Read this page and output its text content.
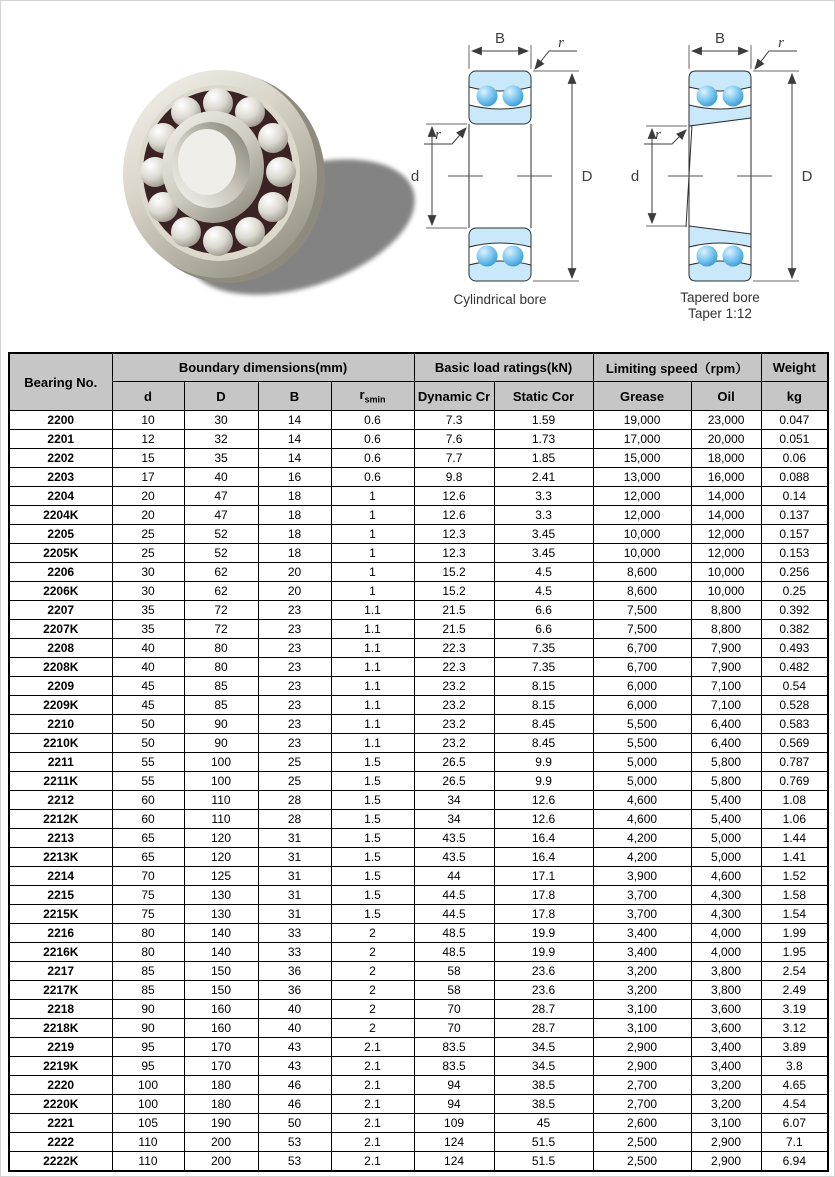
B	r
r
d	D
Cylindrical bore
B	r
r
d	D
Tapered bore
Taper 1:12
Bearing No.	Boundary dimensions(mm)				Basic load ratings(kN)		Limiting speed（rpm）		Weight
	d	D	B	$r_{smin}$	Dynamic Cr	Static Cor	Grease	Oil	kg
2200	10	30	14	0.6	7.3	1.59	19,000	23,000	0.047
2201	12	32	14	0.6	7.6	1.73	17,000	20,000	0.051
2202	15	35	14	0.6	7.7	1.85	15,000	18,000	0.06
2203	17	40	16	0.6	9.8	2.41	13,000	16,000	0.088
2204	20	47	18	1	12.6	3.3	12,000	14,000	0.14
2204K	20	47	18	1	12.6	3.3	12,000	14,000	0.137
2205	25	52	18	1	12.3	3.45	10,000	12,000	0.157
2205K	25	52	18	1	12.3	3.45	10,000	12,000	0.153
2206	30	62	20	1	15.2	4.5	8,600	10,000	0.256
2206K	30	62	20	1	15.2	4.5	8,600	10,000	0.25
2207	35	72	23	1.1	21.5	6.6	7,500	8,800	0.392
2207K	35	72	23	1.1	21.5	6.6	7,500	8,800	0.382
2208	40	80	23	1.1	22.3	7.35	6,700	7,900	0.493
2208K	40	80	23	1.1	22.3	7.35	6,700	7,900	0.482
2209	45	85	23	1.1	23.2	8.15	6,000	7,100	0.54
2209K	45	85	23	1.1	23.2	8.15	6,000	7,100	0.528
2210	50	90	23	1.1	23.2	8.45	5,500	6,400	0.583
2210K	50	90	23	1.1	23.2	8.45	5,500	6,400	0.569
2211	55	100	25	1.5	26.5	9.9	5,000	5,800	0.787
2211K	55	100	25	1.5	26.5	9.9	5,000	5,800	0.769
2212	60	110	28	1.5	34	12.6	4,600	5,400	1.08
2212K	60	110	28	1.5	34	12.6	4,600	5,400	1.06
2213	65	120	31	1.5	43.5	16.4	4,200	5,000	1.44
2213K	65	120	31	1.5	43.5	16.4	4,200	5,000	1.41
2214	70	125	31	1.5	44	17.1	3,900	4,600	1.52
2215	75	130	31	1.5	44.5	17.8	3,700	4,300	1.58
2215K	75	130	31	1.5	44.5	17.8	3,700	4,300	1.54
2216	80	140	33	2	48.5	19.9	3,400	4,000	1.99
2216K	80	140	33	2	48.5	19.9	3,400	4,000	1.95
2217	85	150	36	2	58	23.6	3,200	3,800	2.54
2217K	85	150	36	2	58	23.6	3,200	3,800	2.49
2218	90	160	40	2	70	28.7	3,100	3,600	3.19
2218K	90	160	40	2	70	28.7	3,100	3,600	3.12
2219	95	170	43	2.1	83.5	34.5	2,900	3,400	3.89
2219K	95	170	43	2.1	83.5	34.5	2,900	3,400	3.8
2220	100	180	46	2.1	94	38.5	2,700	3,200	4.65
2220K	100	180	46	2.1	94	38.5	2,700	3,200	4.54
2221	105	190	50	2.1	109	45	2,600	3,100	6.07
2222	110	200	53	2.1	124	51.5	2,500	2,900	7.1
2222K	110	200	53	2.1	124	51.5	2,500	2,900	6.94
